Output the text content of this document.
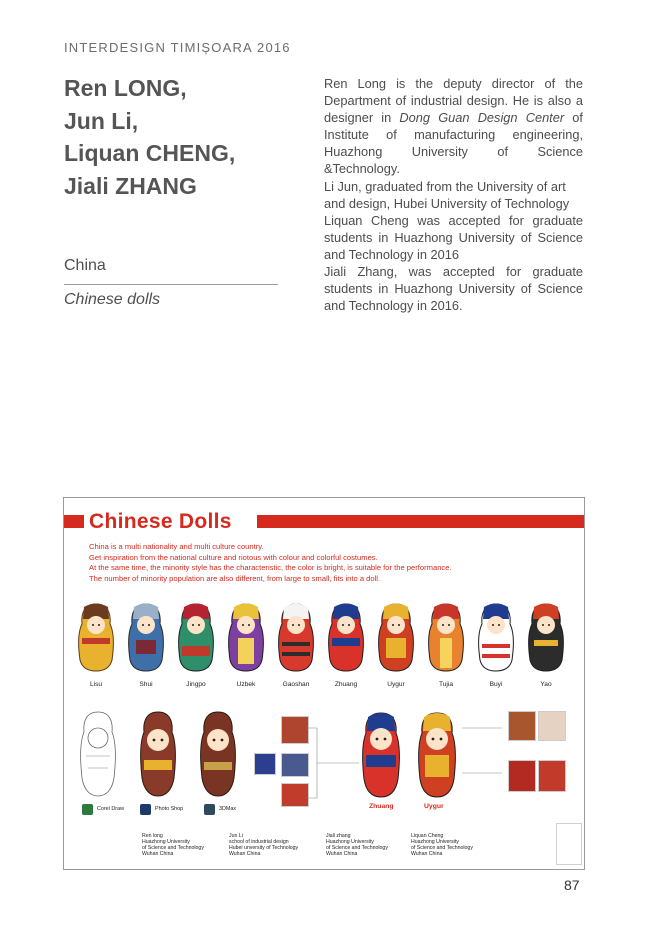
INTERDESIGN TIMIȘOARA 2016
Ren LONG,
Jun Li,
Liquan CHENG,
Jiali ZHANG
China
Chinese dolls

Ren Long is the deputy director of the Department of industrial design. He is also a designer in Dong Guan Design Center of Institute of manufacturing engineering, Huazhong University of Science &Technology.

Li Jun, graduated from the University of art and design, Hubei University of Technology

Liquan Cheng was accepted for graduate students in Huazhong University of Science and Technology in 2016

Jiali Zhang, was accepted for graduate students in Huazhong University of Science and Technology in 2016.

Chinese Dolls
China is a multi nationality and multi culture country.
Get inspiration from the national culture and riotous with colour and colorful costumes.
At the same time, the minority style has the characteristic, the color is bright, is suitable for the performance.
The number of minority population are also different, from large to small, fits into a doll.
Lisu	Shui	Jingpo	Uzbek	Gaoshan	Zhuang	Uygur	Tujia	Buyi	Yao
Corel Draw	Photo Shop	3DMax	Zhuang	Uygur
Ren long
Huazhong University
of Science and Technology
Wuhan China
Jun Li
school of industrial design
Hubei unversity of Technology
Wuhan China
Jiali zhang
Huazhong University
of Science and Technology
Wuhan China
Liquan Cheng
Huazhong University
of Science and Technology
Wuhan China
87
